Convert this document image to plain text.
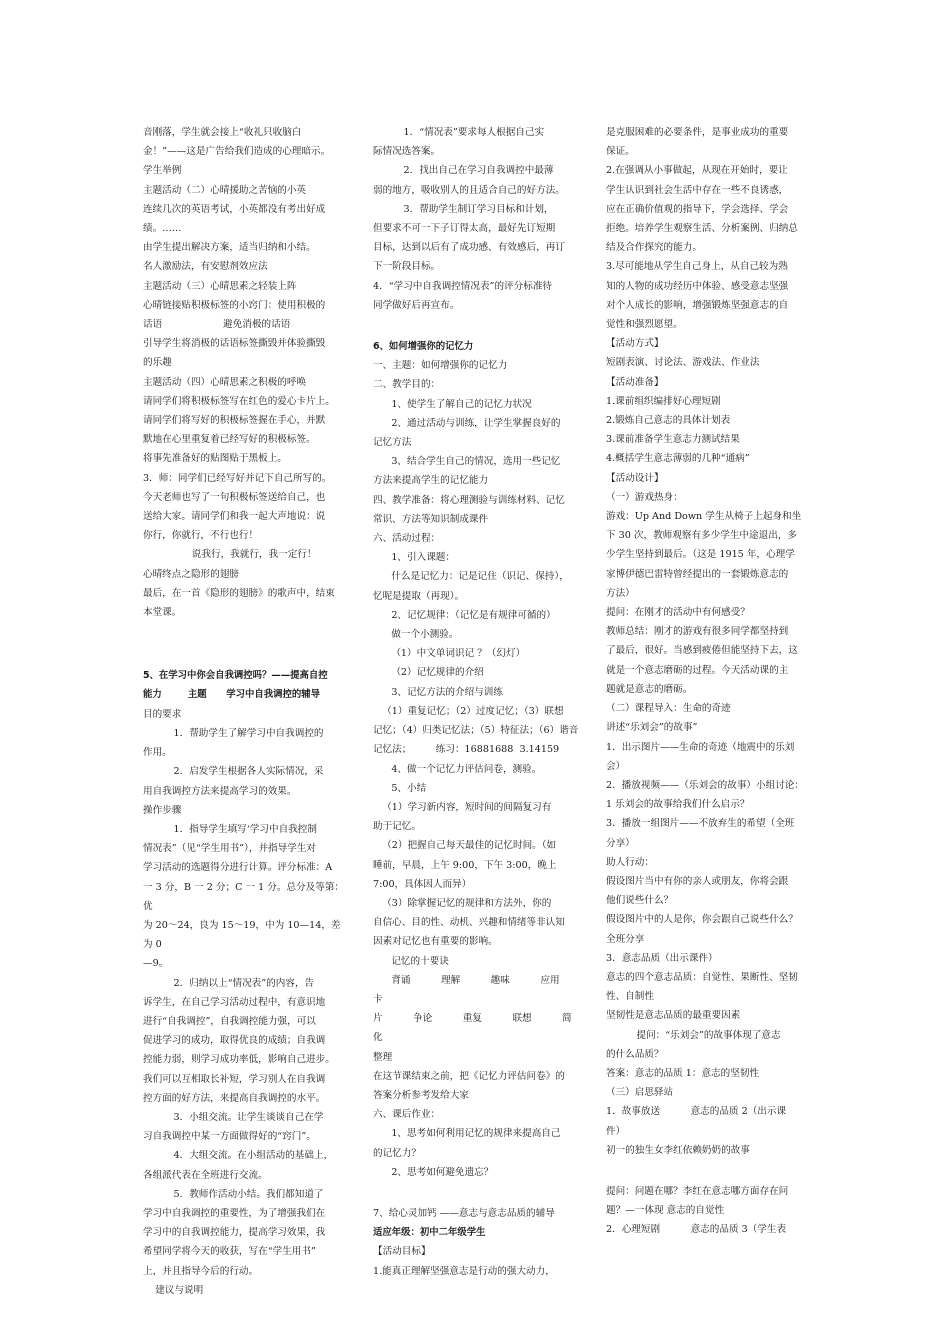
音刚落，学生就会接上“收礼只收脑白

金！”——这是广告给我们造成的心理暗示。

学生举例

主题活动（二）心晴援助之苦恼的小英

连续几次的英语考试，小英都没有考出好成

绩。……

由学生提出解决方案，适当归纳和小结。

名人激励法，有安慰剂效应法

主题活动（三）心晴思素之轻装上阵

心晴链接贴积极标签的小窍门：使用积极的

话语                    避免消极的话语

引导学生将消极的话语标签撕毁并体验撕毁

的乐趣

主题活动（四）心晴思素之积极的呼唤

请同学们将积极标签写在红色的爱心卡片上。

请同学们将写好的积极标签握在手心，并默

默地在心里重复着已经写好的积极标签。

将事先准备好的贴图贴于黑板上。

3．师：同学们已经写好并记下自己所写的。

今天老师也写了一句积极标签送给自己，也

送给大家。请同学们和我一起大声地说：说

你行，你就行，不行也行！

说我行，我就行，我一定行！

心晴终点之隐形的翅膀

最后，在一首《隐形的翅膀》的歌声中，结束

本堂课。

5、在学习中你会自我调控吗？——提高自控

能力        主题      学习中自我调控的辅导

目的要求

1．帮助学生了解学习中自我调控的

作用。

2．启发学生根据各人实际情况，采

用自我调控方法来提高学习的效果。

操作步骤

1．指导学生填写‘学习中自我控制

情况表”（见“学生用书”），并指导学生对

学习活动的选题得分进行计算。评分标准：A

一 3 分，B 一 2 分；C 一 1 分。总分及等第：优

为 20～24，良为 15～19，中为 10—14，差为 0

—9。

2．归纳以上“情况表”的内容，告

诉学生，在自己学习活动过程中，有意识地

进行“自我调控”，自我调控能力强，可以

促进学习的成功，取得优良的成绩；自我调

控能力弱，则学习成功率低，影响自己进步。

我们可以互相取长补短，学习别人在自我调

控方面的好方法，来提高自我调控的水平。

3．小组交流。让学生谈谈自己在学

习自我调控中某一方面做得好的“窍门”。

4．大组交流。在小组活动的基础上，

各组派代表在全班进行交流。

5．教师作活动小结。我们都知道了

学习中自我调控的重要性，为了增强我们在

学习中的自我调控能力，提高学习效果，我

希望同学将今天的收获，写在“学生用书”

上，并且指导今后的行动。

建议与说明

1．“情况表”要求每人根据自己实

际情况选答案。

2．找出自己在学习自我调控中最薄

弱的地方，吸收别人的且适合自己的好方法。

3．帮助学生制订学习目标和计划，

但要求不可一下子订得太高，最好先订短期

目标，达到以后有了成功感、有效感后，再订

下一阶段目标。

4．“学习中自我调控情况表”的评分标准待

同学做好后再宣布。

6、如何增强你的记忆力

一、主题：如何增强你的记忆力

二、教学目的：

1、使学生了解自己的记忆力状况

2、通过活动与训练，让学生掌握良好的

记忆方法

3、结合学生自己的情况，选用一些记忆

方法来提高学生的记忆能力

四、教学准备：将心理测验与训练材料、记忆

常识、方法等知识制成课件

六、活动过程：

1、引入课题：

什么是记忆力：记是记住（识记、保持），

忆呢是提取（再现）。

2、记忆规律：（记忆是有规律可循的）

做一个小测验。

（1）中文单词识记 ？（幻灯）

（2）记忆规律的介绍

3、记忆方法的介绍与训练

（1）重复记忆；（2）过度记忆；（3）联想

记忆；（4）归类记忆法；（5）特征法；（6）谐音

记忆法；        练习：16881688  3.14159

4、做一个记忆力评估问卷，测验。

5、小结

（1）学习新内容，短时间的间隔复习有

助于记忆。

（2）把握自己每天最佳的记忆时间。（如

睡前，早晨，上午 9:00，下午 3:00，晚上

7:00，具体因人而异）

（3）除掌握记忆的规律和方法外，你的

自信心、目的性、动机、兴趣和情绪等非认知

因素对记忆也有重要的影响。

记忆的十要诀

背诵          理解          趣味          应用          卡

片          争论          重复          联想          简化

整理

在这节课结束之前，把《记忆力评估问卷》的

答案分析参考发给大家

六、课后作业：

1、思考如何利用记忆的规律来提高自己

的记忆力？

2、思考如何避免遗忘？

7、给心灵加钙 ——意志与意志品质的辅导

适应年级：初中二年级学生

【活动目标】

1.能真正理解坚强意志是行动的强大动力，

是克服困难的必要条件，是事业成功的重要

保证。

2.在强调从小事做起，从现在开始时，要让

学生认识到社会生活中存在一些不良诱惑，

应在正确价值观的指导下，学会选择、学会

拒绝。培养学生观察生活、分析案例、归纳总

结及合作探究的能力。

3.尽可能地从学生自己身上，从自己较为熟

知的人物的成功经历中体验、感受意志坚强

对个人成长的影响，增强锻炼坚强意志的自

觉性和强烈愿望。

【活动方式】

短剧表演、讨论法、游戏法、作业法

【活动准备】

1.课前组织编排好心理短剧

2.锻炼自己意志的具体计划表

3.课前准备学生意志力测试结果

4.概括学生意志薄弱的几种“通病”

【活动设计】

（一）游戏热身：

游戏：Up And Down 学生从椅子上起身和坐

下 30 次，教师观察有多少学生中途退出，多

少学生坚持到最后。（这是 1915 年，心理学

家博伊德巴雷特曾经提出的一套锻炼意志的

方法）

提问：在刚才的活动中有何感受？

教师总结：刚才的游戏有很多同学都坚持到

了最后，很好。当感到疲倦但能坚持下去，这

就是一个意志磨砺的过程。今天活动课的主

题就是意志的磨砺。

（二）课程导入：生命的奇迹

讲述“乐刘会”的故事”

1．出示图片——生命的奇迹（地震中的乐刘

会）

2．播放视频——（乐刘会的故事）小组讨论：

1 乐刘会的故事给我们什么启示？

3．播放一组图片——不放弃生的希望（全班

分享）

助人行动：

假设图片当中有你的亲人或朋友，你将会跟

他们说些什么？

假设图片中的人是你，你会跟自己说些什么？

全班分享

3．意志品质（出示课件）

意志的四个意志品质：自觉性、果断性、坚韧

性、自制性

坚韧性是意志品质的最重要因素

提问：“乐刘会”的故事体现了意志

的什么品质？

答案：意志的品质 1：意志的坚韧性

（三）启思驿站

1．故事放送          意志的品质 2（出示课

件）

初一的独生女李红依赖奶奶的故事

提问：问题在哪？李红在意志哪方面存在问

题？—一体现 意志的自觉性

2．心理短剧          意志的品质 3（学生表
